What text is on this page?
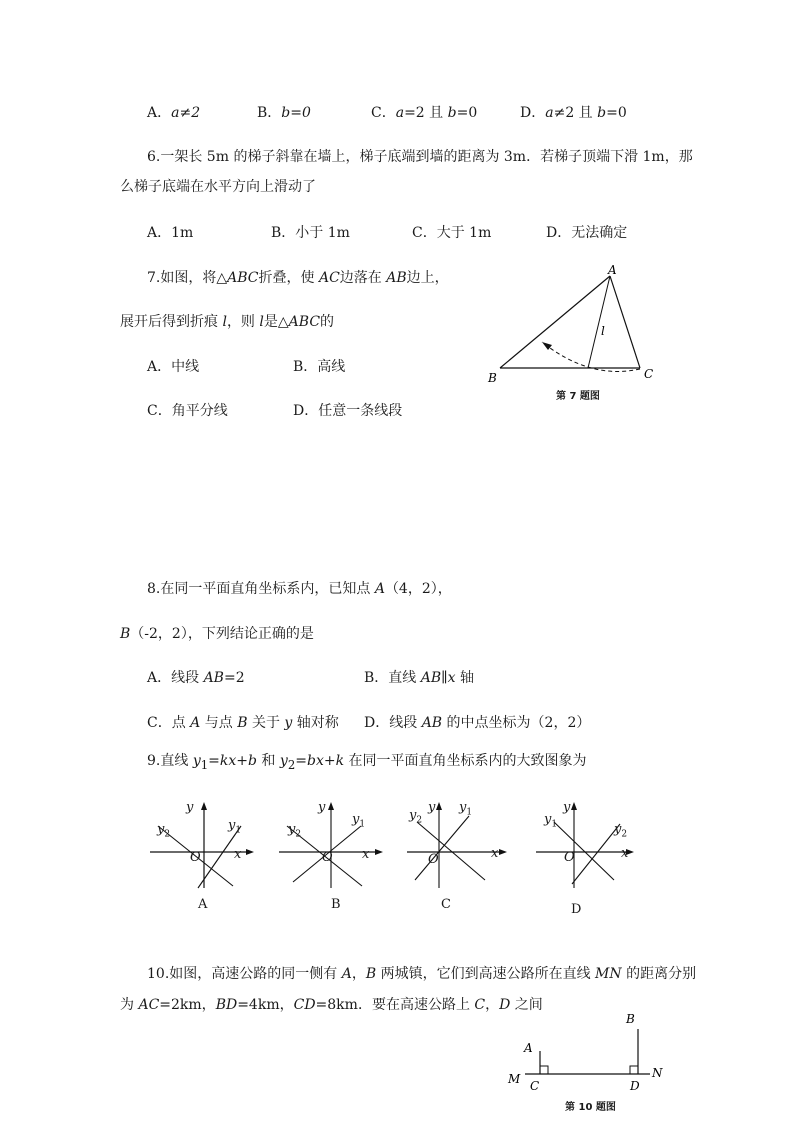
A．a≠2	B．b=0	C．a=2 且 b=0	D．a≠2 且 b=0
6.一架长 5m 的梯子斜靠在墙上，梯子底端到墙的距离为 3m．若梯子顶端下滑 1m，那
么梯子底端在水平方向上滑动了
A．1m	B．小于 1m	C．大于 1m	D．无法确定
7.如图，将△ABC折叠，使 AC边落在 AB边上，
展开后得到折痕 l，则 l是△ABC的
A．中线	B．高线
C．角平分线	D．任意一条线段
A
B	C
l
第 7 题图
8.在同一平面直角坐标系内，已知点 A（4，2），
B（-2，2），下列结论正确的是
A．线段 AB=2	B．直线 AB∥x 轴
C．点 A 与点 B 关于 y 轴对称 D．线段 AB 的中点坐标为（2，2）
9.直线 $y_1=kx+b$ 和 $y_2=bx+k$ 在同一平面直角坐标系内的大致图象为
y
x
O
$y_2$
$y_1$
A
y
x
O
$y_2$
$y_1$
B
y
x
O
$y_2$
$y_1$
C
y
x
O
$y_1$	$y_2$
D
10.如图，高速公路的同一侧有 A，B 两城镇，它们到高速公路所在直线 MN 的距离分别
为 AC=2km，BD=4km，CD=8km．要在高速公路上 C，D 之间
A
B
C	D
M	N
第 10 题图
